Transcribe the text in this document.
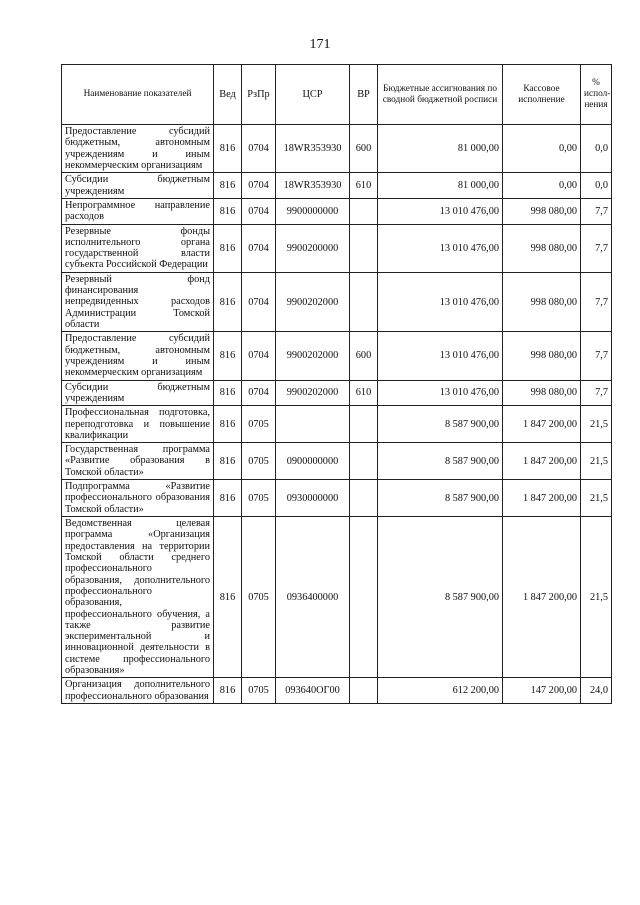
171
Наименование показателей	Вед	РзПр	ЦСР	ВР	Бюджетные ассигнования по сводной бюджетной росписи	Кассовое исполнение	% испол- нения
Предоставление субсидий бюджетным, автономным учреждениям и иным некоммерческим организациям	816	0704	18WR353930	600	81 000,00	0,00	0,0
Субсидии бюджетным учреждениям	816	0704	18WR353930	610	81 000,00	0,00	0,0
Непрограммное направление расходов	816	0704	9900000000		13 010 476,00	998 080,00	7,7
Резервные фонды исполнительного органа государственной власти субъекта Российской Федерации	816	0704	9900200000		13 010 476,00	998 080,00	7,7
Резервный фонд финансирования непредвиденных расходов Администрации Томской области	816	0704	9900202000		13 010 476,00	998 080,00	7,7
Предоставление субсидий бюджетным, автономным учреждениям и иным некоммерческим организациям	816	0704	9900202000	600	13 010 476,00	998 080,00	7,7
Субсидии бюджетным учреждениям	816	0704	9900202000	610	13 010 476,00	998 080,00	7,7
Профессиональная подготовка, переподготовка и повышение квалификации	816	0705			8 587 900,00	1 847 200,00	21,5
Государственная программа «Развитие образования в Томской области»	816	0705	0900000000		8 587 900,00	1 847 200,00	21,5
Подпрограмма «Развитие профессионального образования Томской области»	816	0705	0930000000		8 587 900,00	1 847 200,00	21,5
Ведомственная целевая программа «Организация предоставления на территории Томской области среднего профессионального образования, дополнительного профессионального образования, профессионального обучения, а также развитие экспериментальной и инновационной деятельности в системе профессионального образования»	816	0705	0936400000		8 587 900,00	1 847 200,00	21,5
Организация дополнительного профессионального образования	816	0705	093640ОГ00		612 200,00	147 200,00	24,0
